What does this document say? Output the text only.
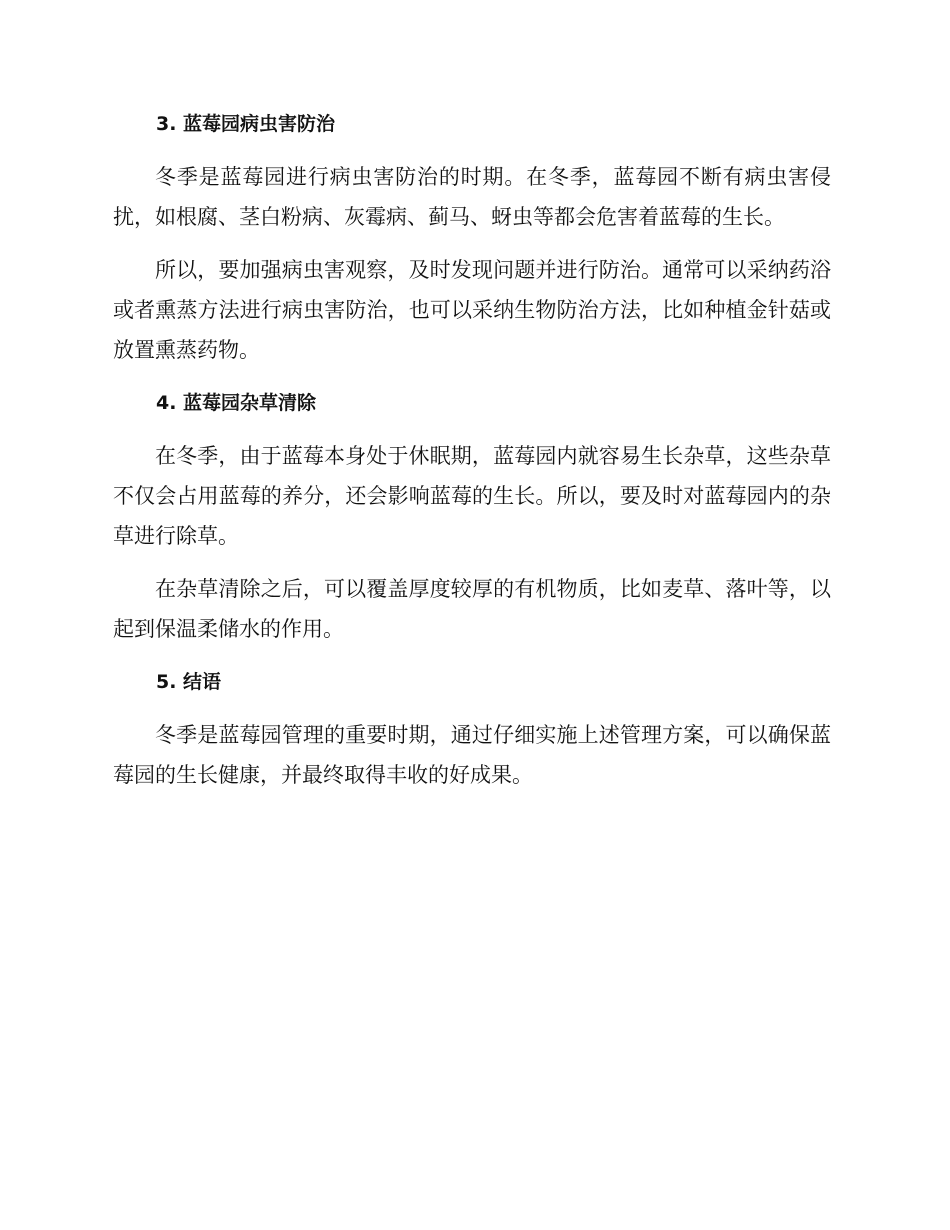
3. 蓝莓园病虫害防治
冬季是蓝莓园进行病虫害防治的时期。在冬季，蓝莓园不断有病虫害侵扰，如根腐、茎白粉病、灰霉病、蓟马、蚜虫等都会危害着蓝莓的生长。
所以，要加强病虫害观察，及时发现问题并进行防治。通常可以采纳药浴或者熏蒸方法进行病虫害防治，也可以采纳生物防治方法，比如种植金针菇或放置熏蒸药物。
4. 蓝莓园杂草清除
在冬季，由于蓝莓本身处于休眠期，蓝莓园内就容易生长杂草，这些杂草不仅会占用蓝莓的养分，还会影响蓝莓的生长。所以，要及时对蓝莓园内的杂草进行除草。
在杂草清除之后，可以覆盖厚度较厚的有机物质，比如麦草、落叶等，以起到保温柔储水的作用。
5. 结语
冬季是蓝莓园管理的重要时期，通过仔细实施上述管理方案，可以确保蓝莓园的生长健康，并最终取得丰收的好成果。
